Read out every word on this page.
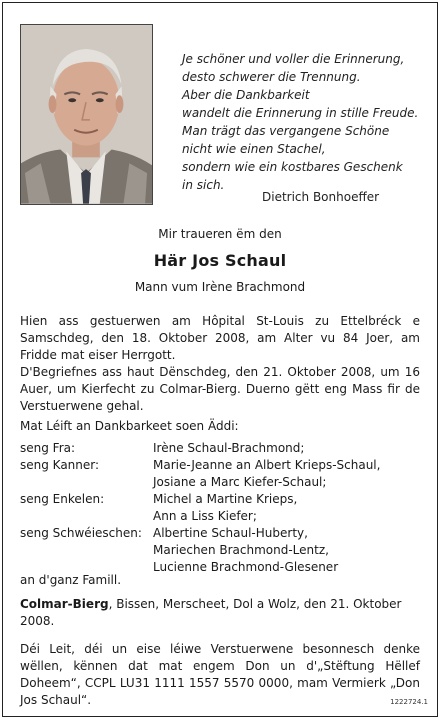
Je schöner und voller die Erinnerung,
desto schwerer die Trennung.
Aber die Dankbarkeit
wandelt die Erinnerung in stille Freude.
Man trägt das vergangene Schöne
nicht wie einen Stachel,
sondern wie ein kostbares Geschenk
in sich.
Dietrich Bonhoeffer
Mir traueren ëm den
Här Jos Schaul
Mann vum Irène Brachmond
Hien ass gestuerwen am Hôpital St-Louis zu Ettelbréck e Samschdeg, den 18. Oktober 2008, am Alter vu 84 Joer, am Fridde mat eiser Herrgott.
D'Begriefnes ass haut Dënschdeg, den 21. Oktober 2008, um 16 Auer, um Kierfecht zu Colmar-Bierg. Duerno gëtt eng Mass fir de Verstuerwene gehal.
Mat Léift an Dankbarkeet soen Äddi:
seng Fra:	Irène Schaul-Brachmond;
seng Kanner:	Marie-Jeanne an Albert Krieps-Schaul,
Josiane a Marc Kiefer-Schaul;
seng Enkelen:	Michel a Martine Krieps,
Ann a Liss Kiefer;
seng Schwéieschen: Albertine Schaul-Huberty,
Mariechen Brachmond-Lentz,
Lucienne Brachmond-Glesener
an d'ganz Famill.
Colmar-Bierg, Bissen, Merscheet, Dol a Wolz, den 21. Oktober 2008.
Déi Leit, déi un eise léiwe Verstuerwene besonnesch denke wëllen, kënnen dat mat engem Don un d'„Stëftung Hëllef Doheem“, CCPL LU31 1111 1557 5570 0000, mam Vermierk „Don Jos Schaul“.	1222724.1
